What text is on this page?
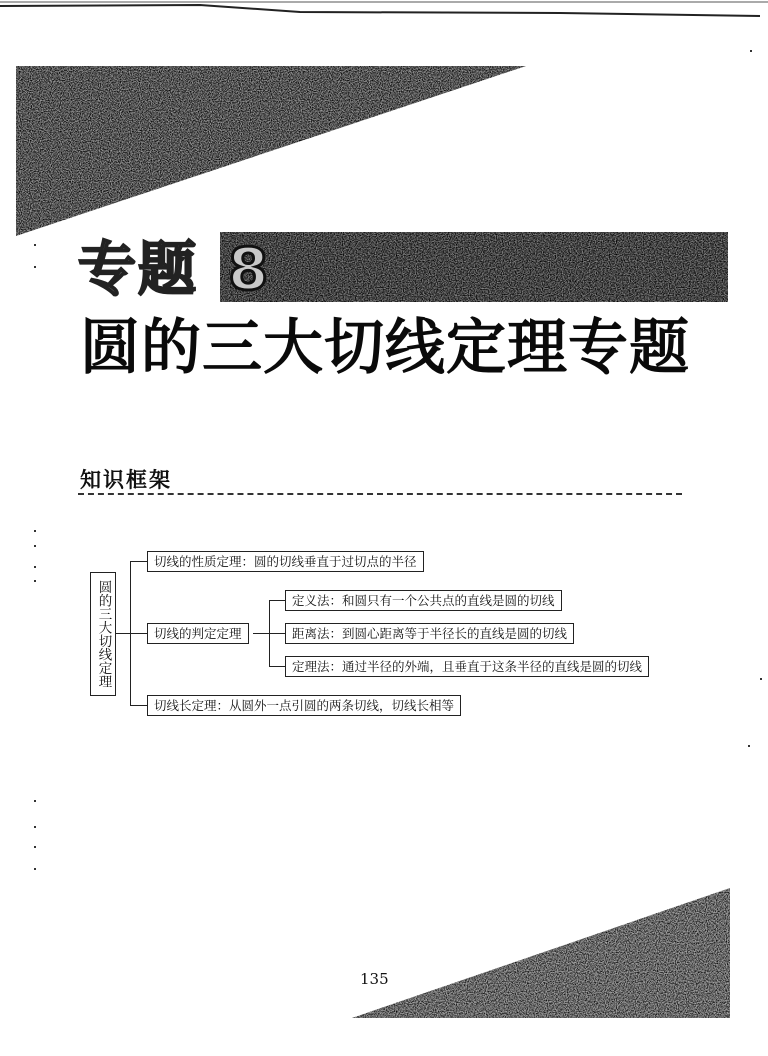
专题 8
圆的三大切线定理专题
知识框架
圆的三大切线定理
切线的性质定理：圆的切线垂直于过切点的半径
切线的判定定理
切线长定理：从圆外一点引圆的两条切线，切线长相等
定义法：和圆只有一个公共点的直线是圆的切线
距离法：到圆心距离等于半径长的直线是圆的切线
定理法：通过半径的外端，且垂直于这条半径的直线是圆的切线
135
